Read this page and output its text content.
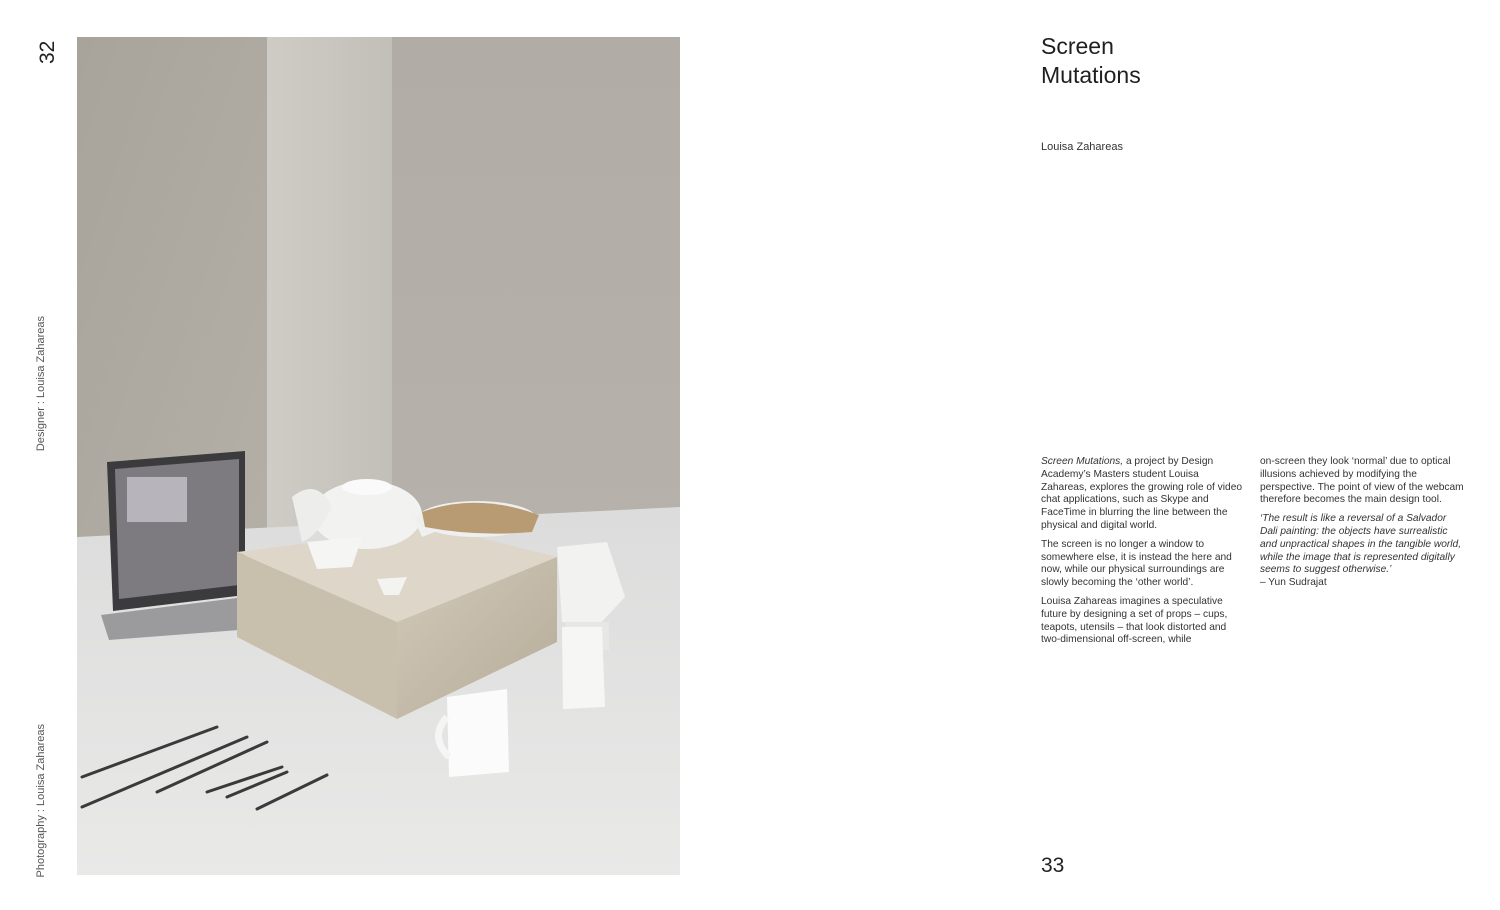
32
Designer : Louisa Zahareas
Photography : Louisa Zahareas
Screen
Mutations
Louisa Zahareas

Screen Mutations, a project by Design Academy’s Masters student Louisa Zahareas, explores the growing role of video chat applications, such as Skype and FaceTime in blurring the line between the physical and digital world.

The screen is no longer a window to somewhere else, it is instead the here and now, while our physical surroundings are slowly becoming the ‘other world’.

Louisa Zahareas imagines a speculative future by designing a set of props – cups, teapots, utensils – that look distorted and two-dimensional off-screen, while

on-screen they look ‘normal’ due to optical illusions achieved by modifying the perspective. The point of view of the webcam therefore becomes the main design tool.

‘The result is like a reversal of a Salvador Dali painting: the objects have surrealistic and unpractical shapes in the tangible world, while the image that is represented digitally seems to suggest otherwise.’

– Yun Sudrajat

33
